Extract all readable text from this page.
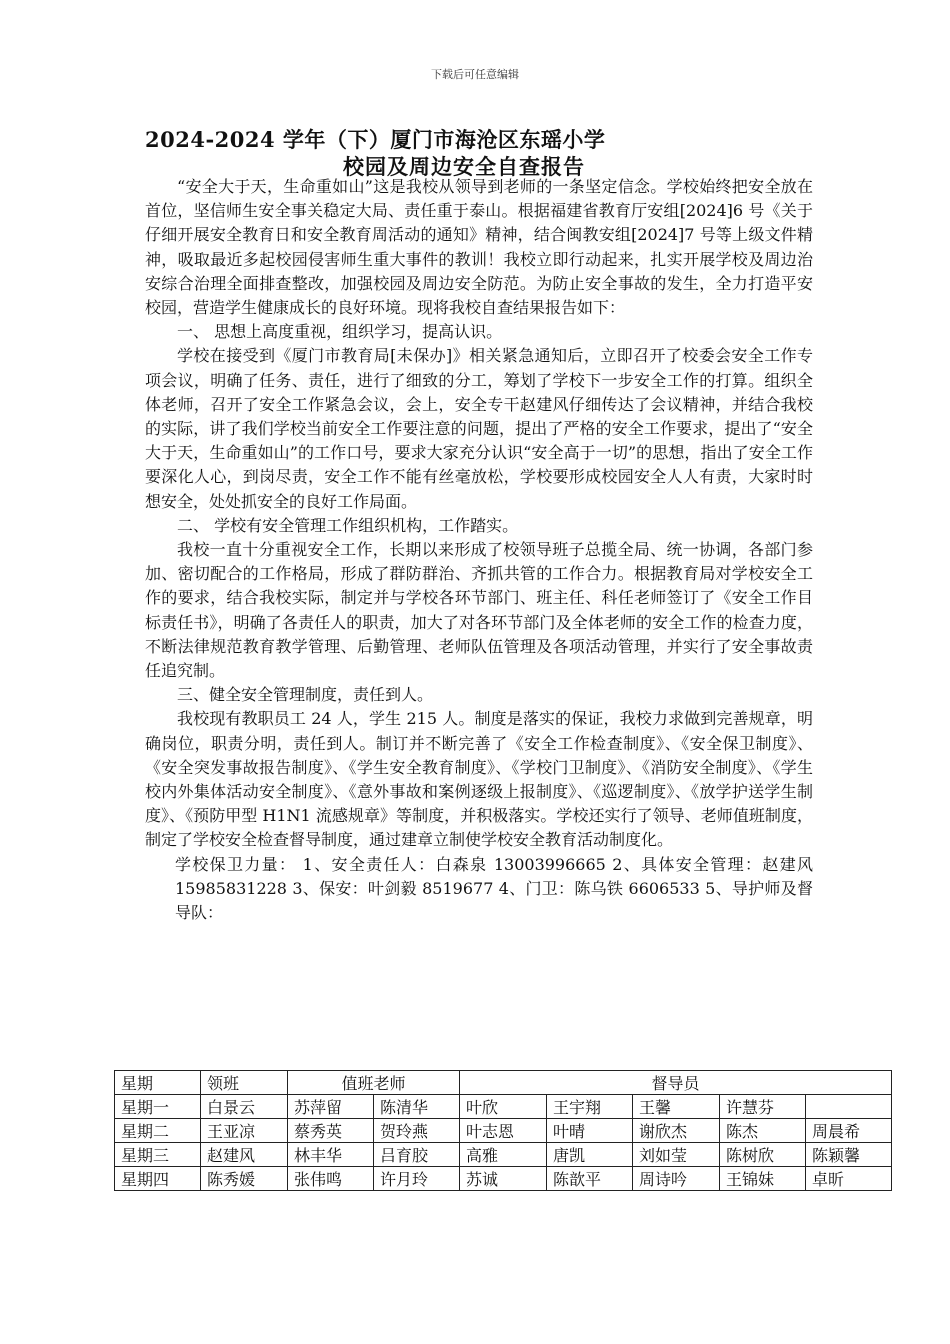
下载后可任意编辑
2024-2024 学年（下）厦门市海沧区东瑶小学
校园及周边安全自查报告

“安全大于天，生命重如山”这是我校从领导到老师的一条坚定信念。学校始终把安全放在首位，坚信师生安全事关稳定大局、责任重于泰山。根据福建省教育厅安组[2024]6 号《关于仔细开展安全教育日和安全教育周活动的通知》精神，结合闽教安组[2024]7 号等上级文件精神，吸取最近多起校园侵害师生重大事件的教训！我校立即行动起来，扎实开展学校及周边治安综合治理全面排查整改，加强校园及周边安全防范。为防止安全事故的发生，全力打造平安校园，营造学生健康成长的良好环境。现将我校自查结果报告如下：

一、 思想上高度重视，组织学习，提高认识。

学校在接受到《厦门市教育局[未保办]》相关紧急通知后，立即召开了校委会安全工作专项会议，明确了任务、责任，进行了细致的分工，筹划了学校下一步安全工作的打算。组织全体老师，召开了安全工作紧急会议，会上，安全专干赵建风仔细传达了会议精神，并结合我校的实际，讲了我们学校当前安全工作要注意的问题，提出了严格的安全工作要求，提出了“安全大于天，生命重如山”的工作口号，要求大家充分认识“安全高于一切”的思想，指出了安全工作要深化人心，到岗尽责，安全工作不能有丝毫放松，学校要形成校园安全人人有责，大家时时想安全，处处抓安全的良好工作局面。

二、 学校有安全管理工作组织机构，工作踏实。

我校一直十分重视安全工作，长期以来形成了校领导班子总揽全局、统一协调，各部门参加、密切配合的工作格局，形成了群防群治、齐抓共管的工作合力。根据教育局对学校安全工作的要求，结合我校实际，制定并与学校各环节部门、班主任、科任老师签订了《安全工作目标责任书》，明确了各责任人的职责，加大了对各环节部门及全体老师的安全工作的检查力度，不断法律规范教育教学管理、后勤管理、老师队伍管理及各项活动管理，并实行了安全事故责任追究制。

三、健全安全管理制度，责任到人。

我校现有教职员工 24 人，学生 215 人。制度是落实的保证，我校力求做到完善规章，明确岗位，职责分明，责任到人。制订并不断完善了《安全工作检查制度》、《安全保卫制度》、《安全突发事故报告制度》、《学生安全教育制度》、《学校门卫制度》、《消防安全制度》、《学生校内外集体活动安全制度》、《意外事故和案例逐级上报制度》、《巡逻制度》、《放学护送学生制度》、《预防甲型 H1N1 流感规章》等制度，并积极落实。学校还实行了领导、老师值班制度，制定了学校安全检查督导制度，通过建章立制使学校安全教育活动制度化。

学校保卫力量： 1、安全责任人：白森泉 13003996665 2、具体安全管理：赵建风 15985831228 3、保安：叶剑毅 8519677 4、门卫：陈乌铁 6606533 5、导护师及督导队：

星期	领班	值班老师		督导员				
星期一	白景云	苏萍留	陈清华	叶欣	王宇翔	王馨	许慧芬	
星期二	王亚凉	蔡秀英	贺玲燕	叶志恩	叶晴	谢欣杰	陈杰	周晨希
星期三	赵建风	林丰华	吕育胶	高雅	唐凯	刘如莹	陈树欣	陈颖馨
星期四	陈秀媛	张伟鸣	许月玲	苏诚	陈歆平	周诗吟	王锦妹	卓昕
